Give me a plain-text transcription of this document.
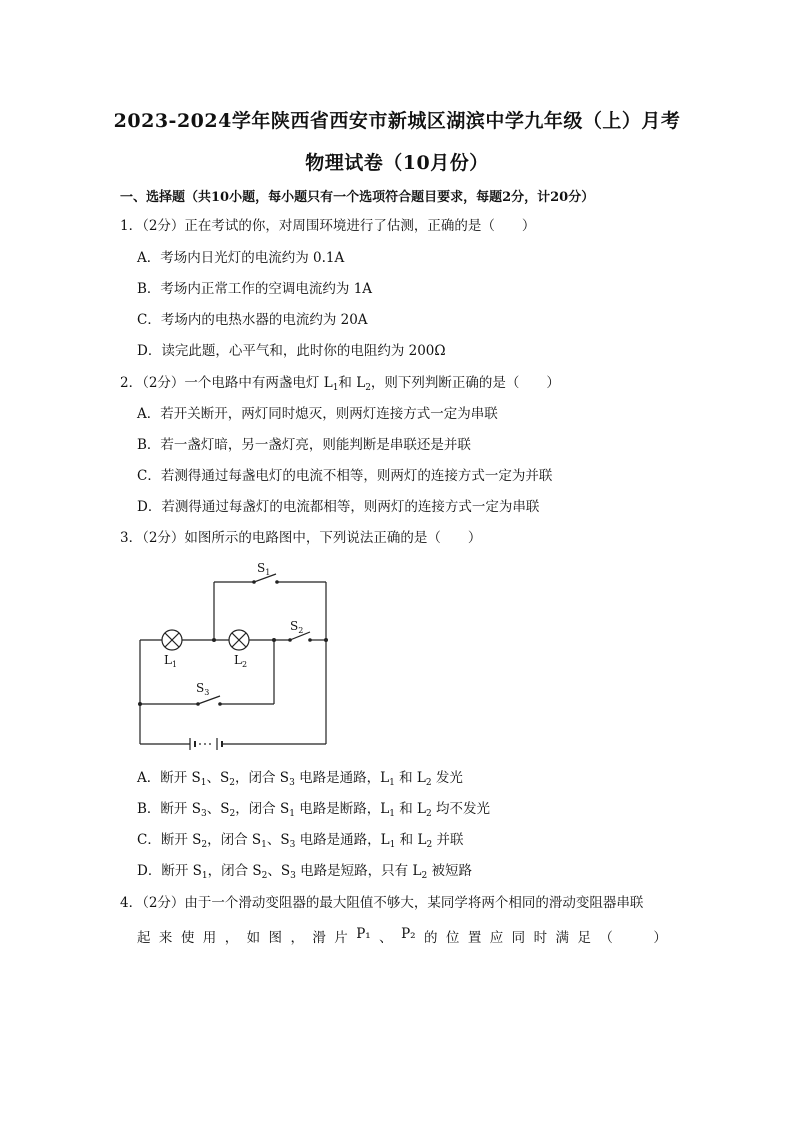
2023-2024学年陕西省西安市新城区湖滨中学九年级（上）月考
物理试卷（10月份）
一、选择题（共10小题，每小题只有一个选项符合题目要求，每题2分，计20分）
1．（2分）正在考试的你，对周围环境进行了估测，正确的是（　　）
A．考场内日光灯的电流约为 0.1A
B．考场内正常工作的空调电流约为 1A
C．考场内的电热水器的电流约为 20A
D．读完此题，心平气和，此时你的电阻约为 200Ω
2．（2分）一个电路中有两盏电灯 $L_1$和 $L_2$，则下列判断正确的是（　　）
A．若开关断开，两灯同时熄灭，则两灯连接方式一定为串联
B．若一盏灯暗，另一盏灯亮，则能判断是串联还是并联
C．若测得通过每盏电灯的电流不相等，则两灯的连接方式一定为并联
D．若测得通过每盏灯的电流都相等，则两灯的连接方式一定为串联
3．（2分）如图所示的电路图中，下列说法正确的是（　　）
$S_1$
$S_2$
$S_3$
$L_1$	$L_2$
A．断开 $S_1$、$S_2$，闭合 $S_3$ 电路是通路，$L_1$ 和 $L_2$ 发光
B．断开 $S_3$、$S_2$，闭合 $S_1$ 电路是断路，$L_1$ 和 $L_2$ 均不发光
C．断开 $S_2$，闭合 $S_1$、$S_3$ 电路是通路，$L_1$ 和 $L_2$ 并联
D．断开 $S_1$，闭合 $S_2$、$S_3$ 电路是短路，只有 $L_2$ 被短路
4．（2分）由于一个滑动变阻器的最大阻值不够大，某同学将两个相同的滑动变阻器串联
起 来 使 用 ， 如 图 ， 滑 片 P₁ 、 P₂ 的 位 置 应 同 时 满 足 （　　　）
